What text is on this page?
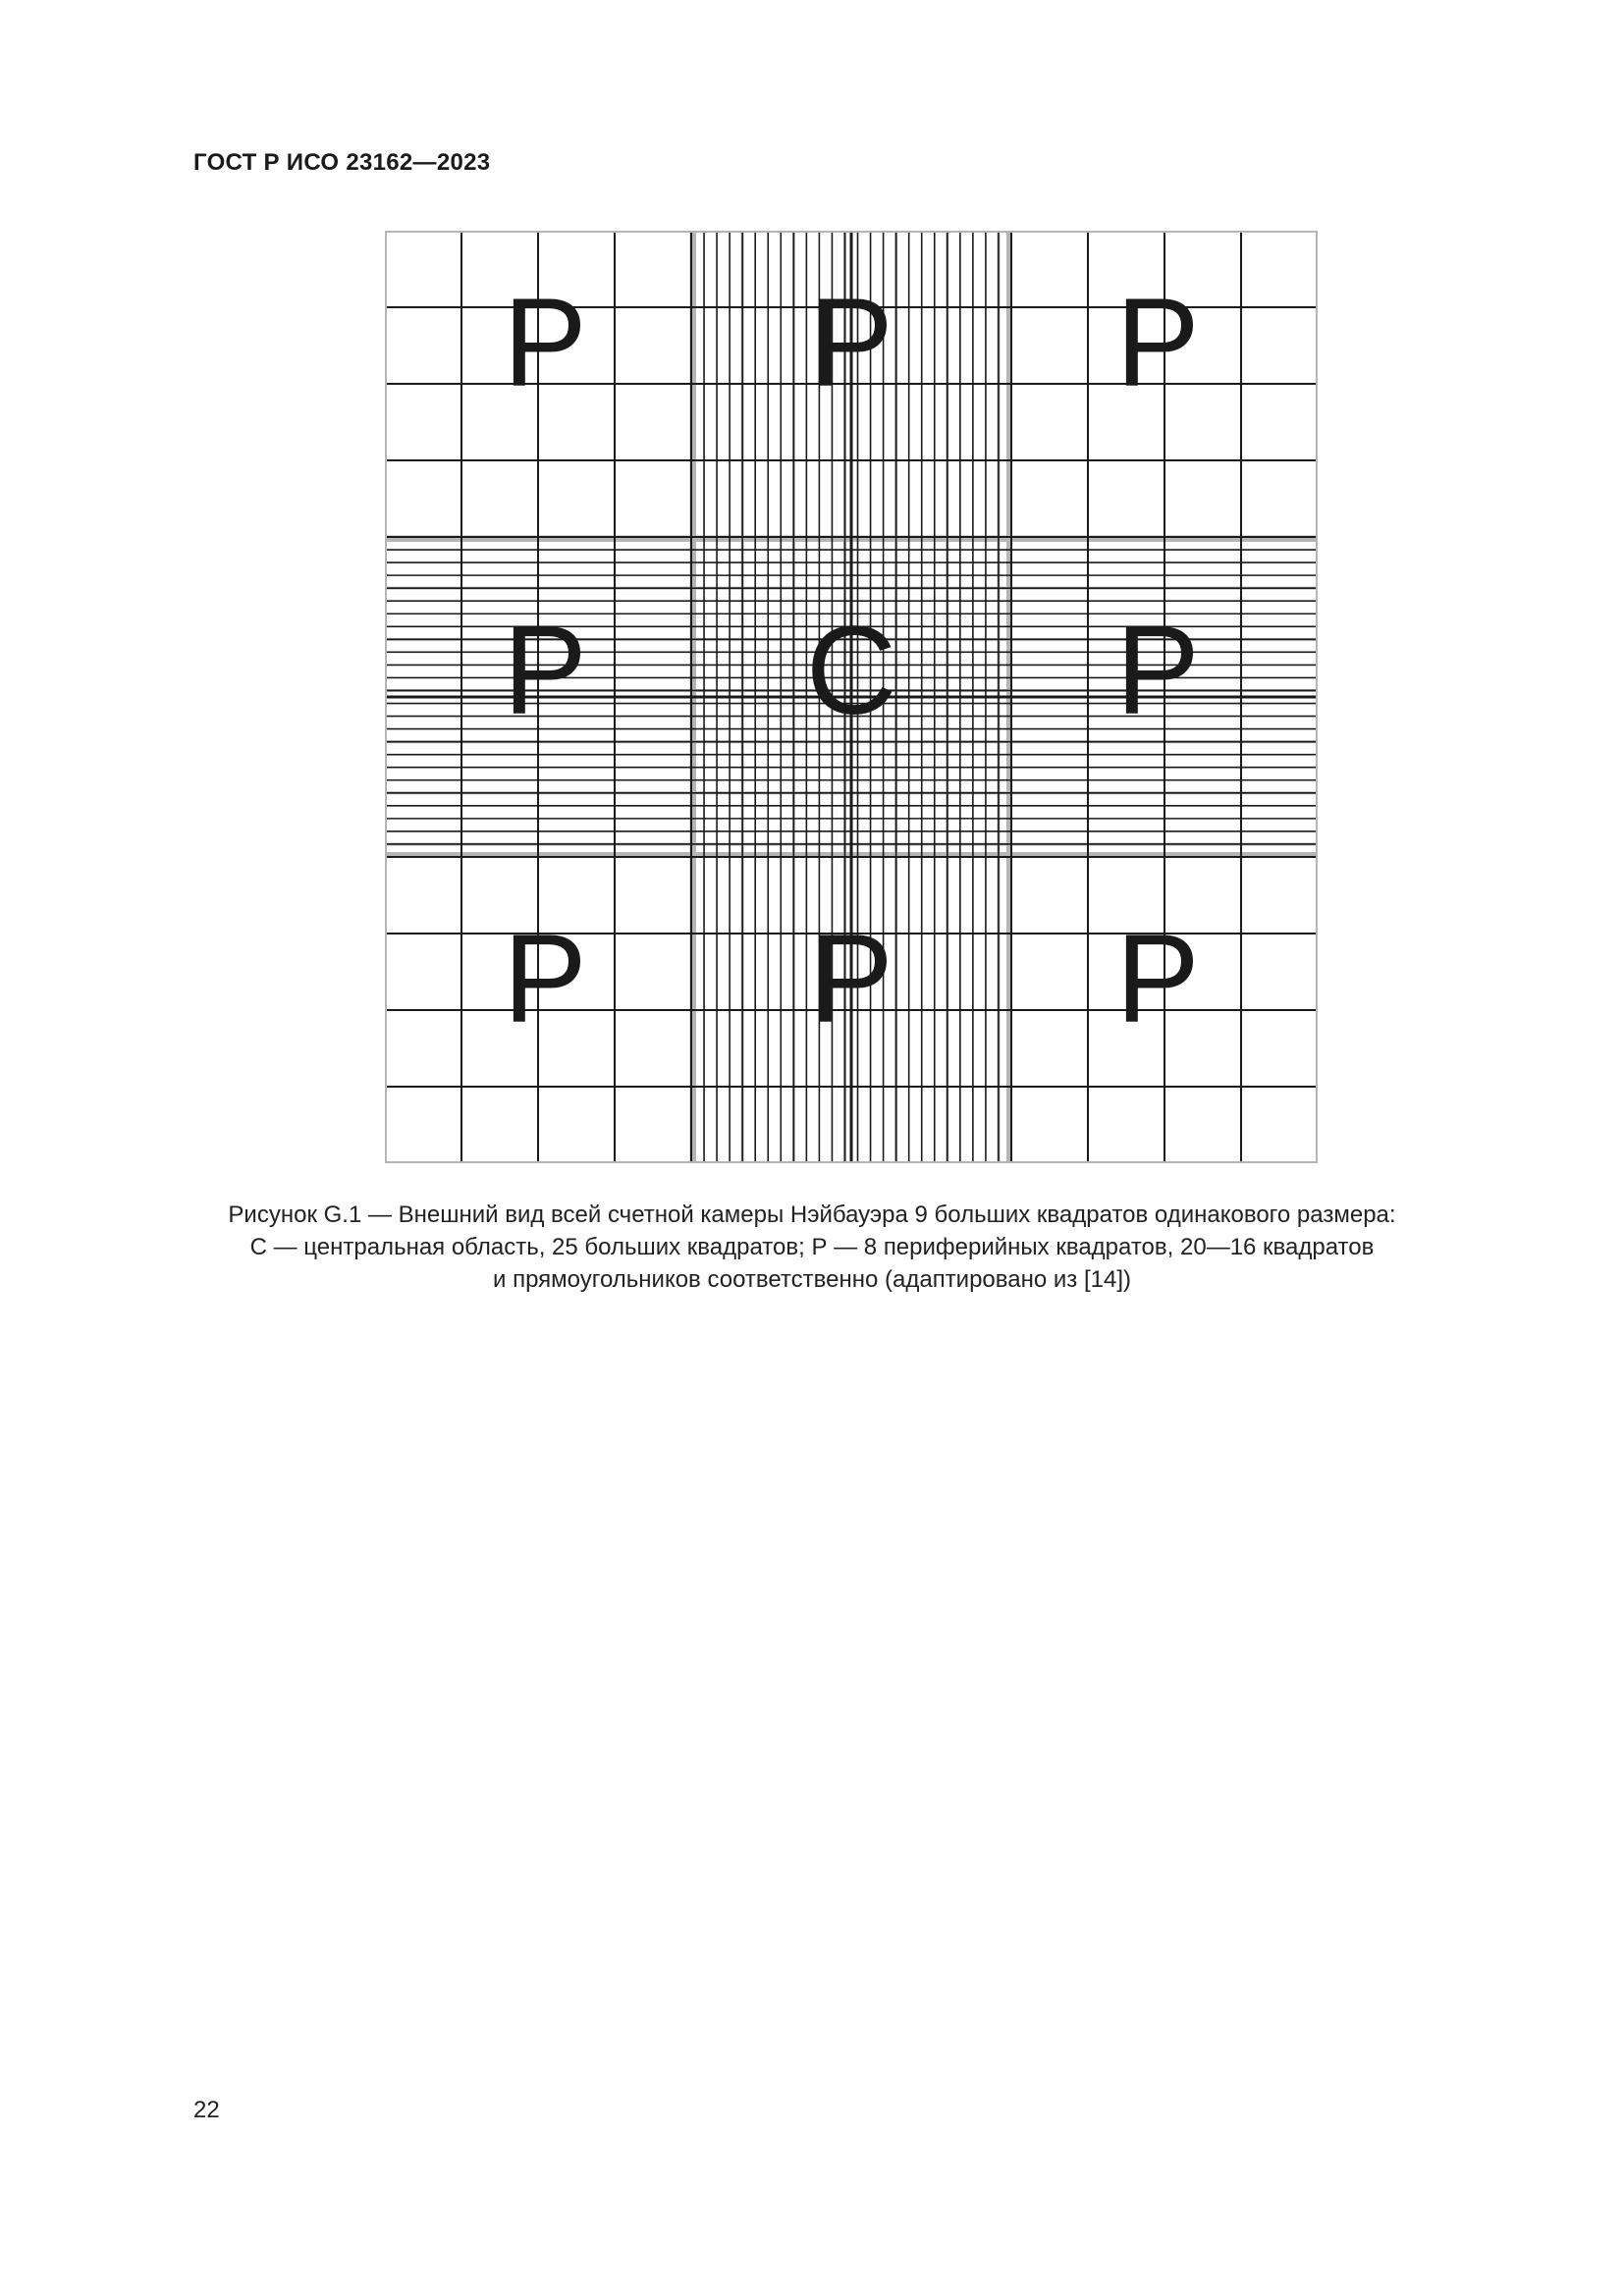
ГОСТ Р ИСО 23162—2023
P P P
P C P
P P P
Рисунок G.1 — Внешний вид всей счетной камеры Нэйбауэра 9 больших квадратов одинакового размера:
С — центральная область, 25 больших квадратов; Р — 8 периферийных квадратов, 20—16 квадратов
и прямоугольников соответственно (адаптировано из [14])
22
